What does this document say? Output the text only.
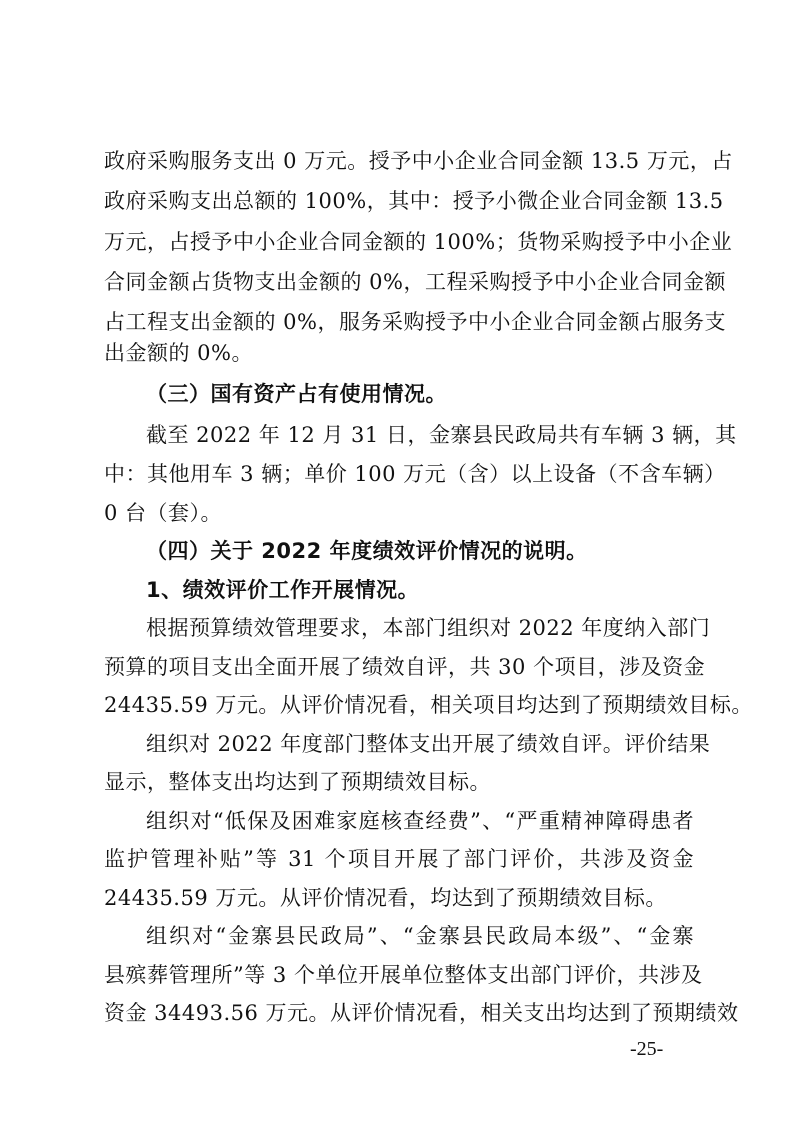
政府采购服务支出 0 万元。授予中小企业合同金额 13.5 万元，占
政府采购支出总额的 100%，其中：授予小微企业合同金额 13.5
万元，占授予中小企业合同金额的 100%；货物采购授予中小企业
合同金额占货物支出金额的 0%，工程采购授予中小企业合同金额
占工程支出金额的 0%，服务采购授予中小企业合同金额占服务支
出金额的 0%。
（三）国有资产占有使用情况。
截至 2022 年 12 月 31 日，金寨县民政局共有车辆 3 辆，其
中：其他用车 3 辆；单价 100 万元（含）以上设备（不含车辆）
0 台（套）。
（四）关于 2022 年度绩效评价情况的说明。
1、绩效评价工作开展情况。
根据预算绩效管理要求，本部门组织对 2022 年度纳入部门
预算的项目支出全面开展了绩效自评，共 30 个项目，涉及资金
24435.59 万元。从评价情况看，相关项目均达到了预期绩效目标。
组织对 2022 年度部门整体支出开展了绩效自评。评价结果
显示，整体支出均达到了预期绩效目标。
组织对“低保及困难家庭核查经费”、“严重精神障碍患者
监护管理补贴”等 31 个项目开展了部门评价，共涉及资金
24435.59 万元。从评价情况看，均达到了预期绩效目标。
组织对“金寨县民政局”、“金寨县民政局本级”、“金寨
县殡葬管理所”等 3 个单位开展单位整体支出部门评价，共涉及
资金 34493.56 万元。从评价情况看，相关支出均达到了预期绩效
-25-
